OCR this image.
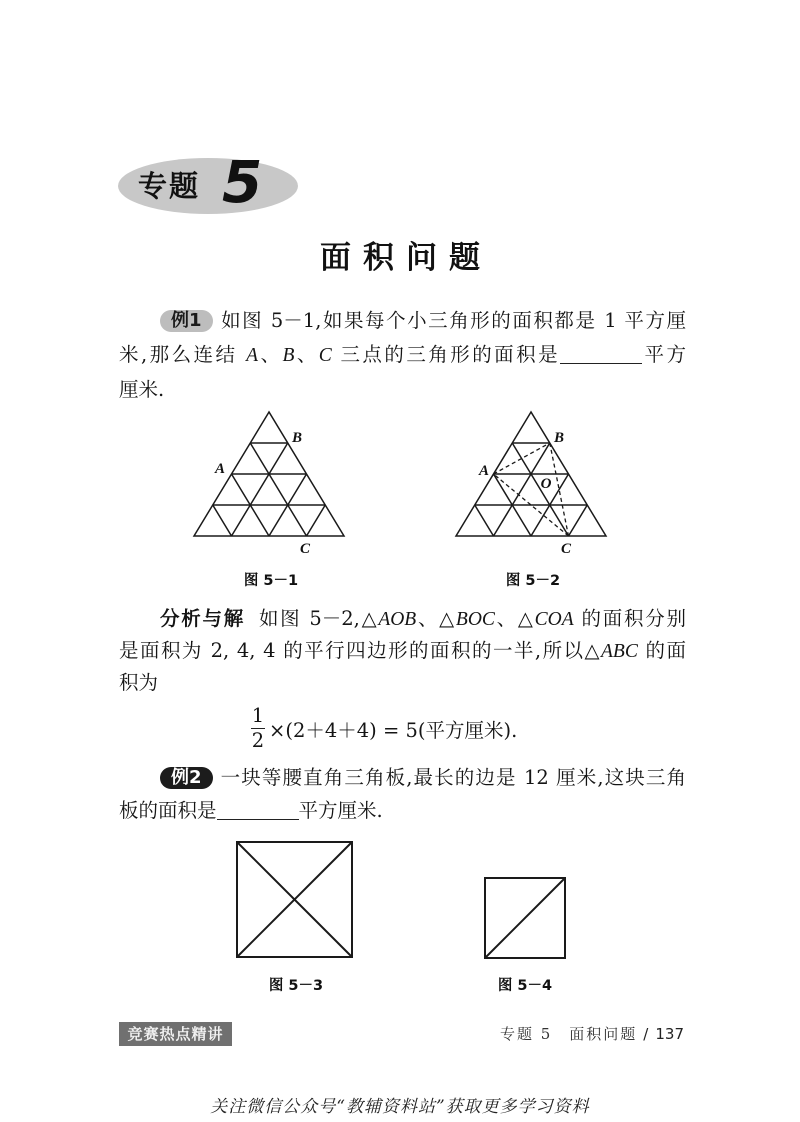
专题 5
面积问题
例1 如图 5－1,如果每个小三角形的面积都是 1 平方厘
米,那么连结 A、B、C 三点的三角形的面积是	平方
厘米.
A
B
C
A
B
C
O
图 5－1	图 5－2
分析与解 如图 5－2,△AOB、△BOC、△COA 的面积分别
是面积为 2, 4, 4 的平行四边形的面积的一半,所以△ABC 的面
积为
$\frac{1}{2} \times(2+4+4) = 5$(平方厘米).
例2 一块等腰直角三角板,最长的边是 12 厘米,这块三角
板的面积是	平方厘米.
图 5－3	图 5－4
竞赛热点精讲	专题 5　面积问题 / 137
关注微信公众号“教辅资料站”获取更多学习资料
